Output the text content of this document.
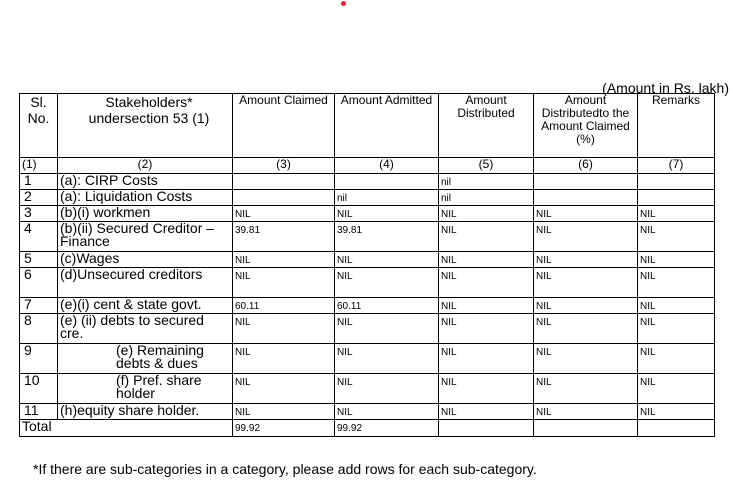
(Amount in Rs. lakh)
Sl. No.	Stakeholders* undersection 53 (1)	Amount Claimed	Amount Admitted	Amount Distributed	Amount Distributedto the Amount Claimed (%)	Remarks
(1)	(2)	(3)	(4)	(5)	(6)	(7)
1	(a): CIRP Costs			nil		
2	(a): Liquidation Costs		nil	nil		
3	(b)(i) workmen	NIL	NIL	NIL	NIL	NIL
4	(b)(ii) Secured Creditor – Finance	39.81	39.81	NIL	NIL	NIL
5	(c)Wages	NIL	NIL	NIL	NIL	NIL
6	(d)Unsecured creditors	NIL	NIL	NIL	NIL	NIL
7	(e)(i) cent & state govt.	60.11	60.11	NIL	NIL	NIL
8	(e) (ii) debts to secured cre.	NIL	NIL	NIL	NIL	NIL
9	(e) Remaining debts & dues	NIL	NIL	NIL	NIL	NIL
10	(f) Pref. share holder	NIL	NIL	NIL	NIL	NIL
11	(h)equity share holder.	NIL	NIL	NIL	NIL	NIL
Total		99.92	99.92			
*If there are sub-categories in a category, please add rows for each sub-category.
